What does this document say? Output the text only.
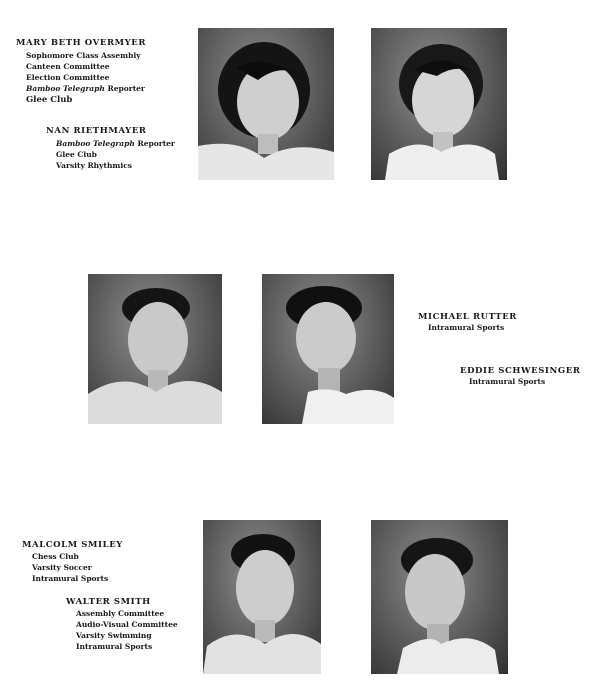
MARY BETH OVERMYER
Sophomore Class Assembly
Canteen Committee
Election Committee
Bamboo Telegraph Reporter
Glee Club
NAN RIETHMAYER
Bamboo Telegraph Reporter
Glee Club
Varsity Rhythmics
MICHAEL RUTTER
Intramural Sports
EDDIE SCHWESINGER
Intramural Sports
MALCOLM SMILEY
Chess Club
Varsity Soccer
Intramural Sports
WALTER SMITH
Assembly Committee
Audio-Visual Committee
Varsity Swimming
Intramural Sports
